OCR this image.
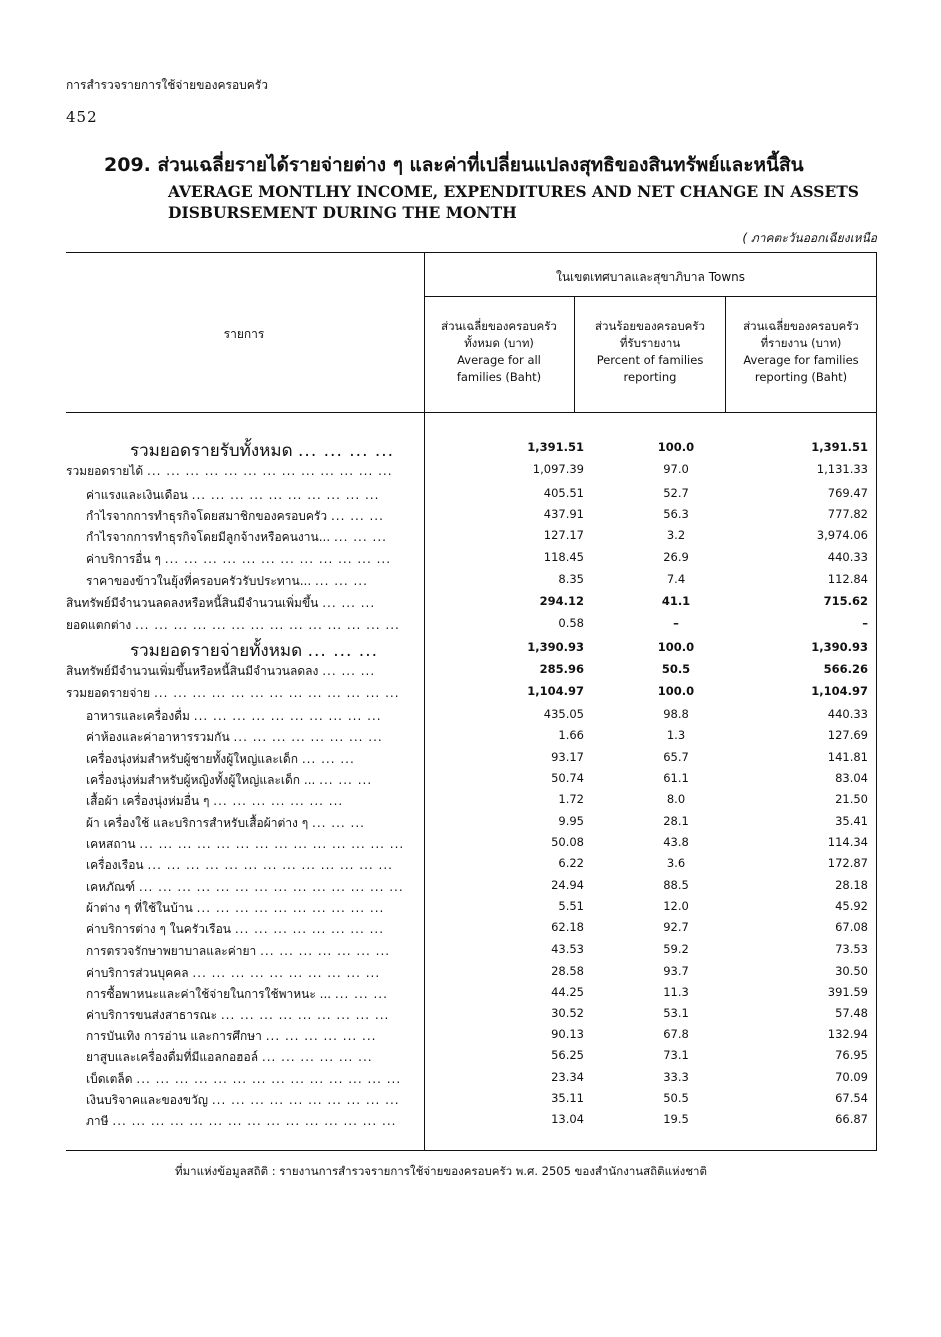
การสำรวจรายการใช้จ่ายของครอบครัว
452
209. ส่วนเฉลี่ยรายได้รายจ่ายต่าง ๆ และค่าที่เปลี่ยนแปลงสุทธิของสินทรัพย์และหนี้สิน
AVERAGE MONTLHY INCOME, EXPENDITURES AND NET CHANGE IN ASSETS DISBURSEMENT DURING THE MONTH
( ภาคตะวันออกเฉียงเหนือ
ในเขตเทศบาลและสุขาภิบาล Towns
รายการ
ส่วนเฉลี่ยของครอบครัว
ทั้งหมด (บาท)
Average for all
families (Baht)
ส่วนร้อยของครอบครัว
ที่รับรายงาน
Percent of families
reporting
ส่วนเฉลี่ยของครอบครัว
ที่รายงาน (บาท)
Average for families
reporting (Baht)
รวมยอดรายรับทั้งหมด ... ... ... ...	1,391.51	100.0	1,391.51
รวมยอดรายได้ ... ... ... ... ... ... ... ... ... ... ... ... ...	1,097.39	97.0	1,131.33
ค่าแรงและเงินเดือน ... ... ... ... ... ... ... ... ... ...	405.51	52.7	769.47
กำไรจากการทำธุรกิจโดยสมาชิกของครอบครัว ... ... ...	437.91	56.3	777.82
กำไรจากการทำธุรกิจโดยมีลูกจ้างหรือคนงาน... ... ... ...	127.17	3.2	3,974.06
ค่าบริการอื่น ๆ ... ... ... ... ... ... ... ... ... ... ... ...	118.45	26.9	440.33
ราคาของข้าวในยุ้งที่ครอบครัวรับประทาน... ... ... ...	8.35	7.4	112.84
สินทรัพย์มีจำนวนลดลงหรือหนี้สินมีจำนวนเพิ่มขึ้น ... ... ...	294.12	41.1	715.62
ยอดแตกต่าง ... ... ... ... ... ... ... ... ... ... ... ... ... ...	0.58	–	–
รวมยอดรายจ่ายทั้งหมด ... ... ...	1,390.93	100.0	1,390.93
สินทรัพย์มีจำนวนเพิ่มขึ้นหรือหนี้สินมีจำนวนลดลง ... ... ...	285.96	50.5	566.26
รวมยอดรายจ่าย ... ... ... ... ... ... ... ... ... ... ... ... ...	1,104.97	100.0	1,104.97
อาหารและเครื่องดื่ม ... ... ... ... ... ... ... ... ... ...	435.05	98.8	440.33
ค่าห้องและค่าอาหารรวมกัน ... ... ... ... ... ... ... ...	1.66	1.3	127.69
เครื่องนุ่งห่มสำหรับผู้ชายทั้งผู้ใหญ่และเด็ก ... ... ...	93.17	65.7	141.81
เครื่องนุ่งห่มสำหรับผู้หญิงทั้งผู้ใหญ่และเด็ก ... ... ... ...	50.74	61.1	83.04
เสื้อผ้า เครื่องนุ่งห่มอื่น ๆ ... ... ... ... ... ... ...	1.72	8.0	21.50
ผ้า เครื่องใช้ และบริการสำหรับเสื้อผ้าต่าง ๆ ... ... ...	9.95	28.1	35.41
เคหสถาน ... ... ... ... ... ... ... ... ... ... ... ... ... ...	50.08	43.8	114.34
เครื่องเรือน ... ... ... ... ... ... ... ... ... ... ... ... ...	6.22	3.6	172.87
เคหภัณฑ์ ... ... ... ... ... ... ... ... ... ... ... ... ... ...	24.94	88.5	28.18
ผ้าต่าง ๆ ที่ใช้ในบ้าน ... ... ... ... ... ... ... ... ... ...	5.51	12.0	45.92
ค่าบริการต่าง ๆ ในครัวเรือน ... ... ... ... ... ... ... ...	62.18	92.7	67.08
การตรวจรักษาพยาบาลและค่ายา ... ... ... ... ... ... ...	43.53	59.2	73.53
ค่าบริการส่วนบุคคล ... ... ... ... ... ... ... ... ... ...	28.58	93.7	30.50
การซื้อพาหนะและค่าใช้จ่ายในการใช้พาหนะ ... ... ... ...	44.25	11.3	391.59
ค่าบริการขนส่งสาธารณะ ... ... ... ... ... ... ... ... ...	30.52	53.1	57.48
การบันเทิง การอ่าน และการศึกษา ... ... ... ... ... ...	90.13	67.8	132.94
ยาสูบและเครื่องดื่มที่มีแอลกอฮอล์ ... ... ... ... ... ...	56.25	73.1	76.95
เบ็ดเตล็ด ... ... ... ... ... ... ... ... ... ... ... ... ... ...	23.34	33.3	70.09
เงินบริจาคและของขวัญ ... ... ... ... ... ... ... ... ... ...	35.11	50.5	67.54
ภาษี ... ... ... ... ... ... ... ... ... ... ... ... ... ... ...	13.04	19.5	66.87
ที่มาแห่งข้อมูลสถิติ : รายงานการสำรวจรายการใช้จ่ายของครอบครัว พ.ศ. 2505 ของสำนักงานสถิติแห่งชาติ
